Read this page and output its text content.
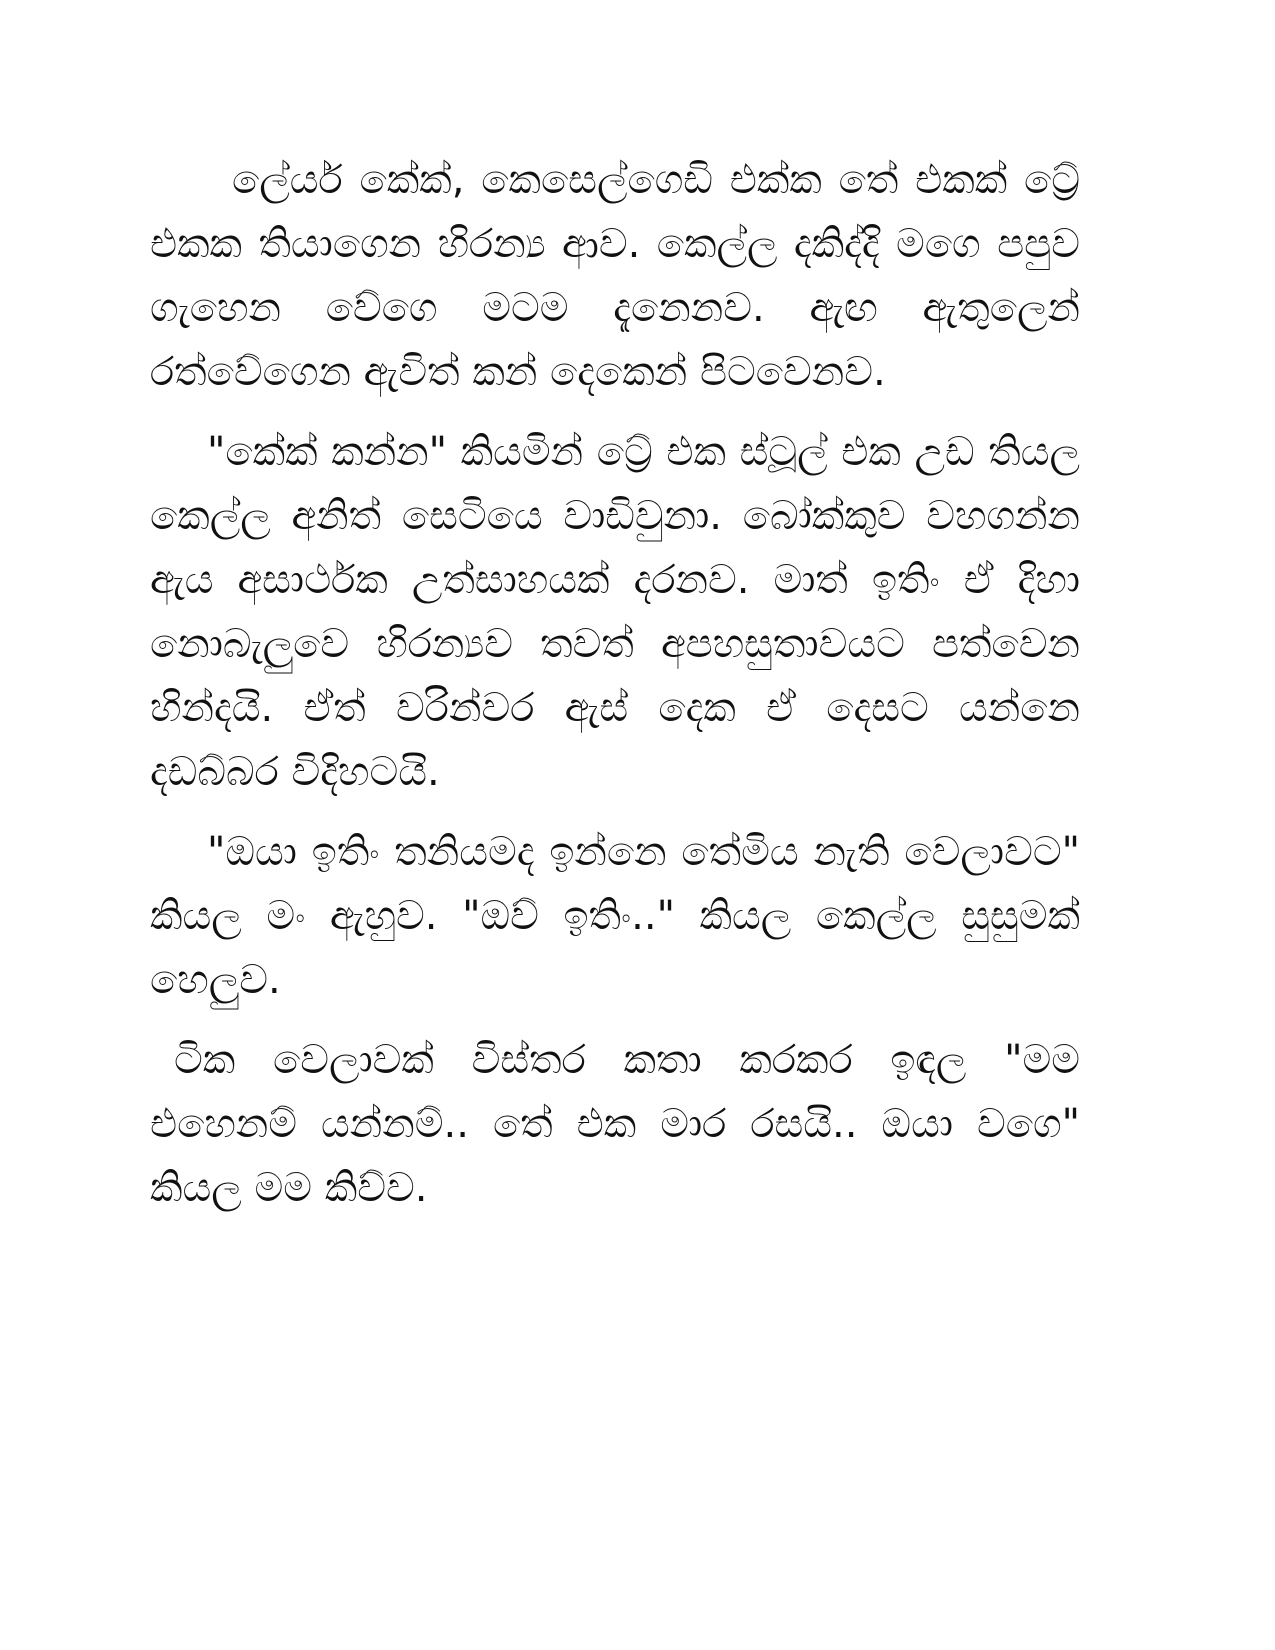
ලේයර් කේක්, කෙසෙල්ගෙඩි එක්ක තේ එකක් ට්‍රේ එකක තියාගෙන හිරන්‍ය ආව. කෙල්ල දකිද්දි මගෙ පපුව ගැහෙන වේගෙ මටම දැනෙනව. ඇඟ ඇතුලෙන් රත්වේගෙන ඇවිත් කන් දෙකෙන් පිටවෙනව.

"කේක් කන්න" කියමින් ට්‍රේ එක ස්ටූල් එක උඩ තියල කෙල්ල අනිත් සෙටියෙ වාඩිවුනා. බෝක්කුව වහගන්න ඇය අසාර්ථක උත්සාහයක් දරනව. මාත් ඉතිං ඒ දිහා නොබැලුවෙ හිරන්‍යව තවත් අපහසුතාවයට පත්වෙන හින්දයි. ඒත් වරින්වර ඇස් දෙක ඒ දෙසට යන්නෙ දඩබ්බර විදිහටයි.

"ඔයා ඉතිං තනියමද ඉන්නෙ තේමිය නැති වෙලාවට" කියල මං ඇහුව. "ඔව් ඉතිං.." කියල කෙල්ල සුසුමක් හෙලුව.

ටික වෙලාවක් විස්තර කතා කරකර ඉඳල "මම එහෙනම් යන්නම්.. තේ එක මාර රසයි.. ඔයා වගෙ" කියල මම කිව්ව.
